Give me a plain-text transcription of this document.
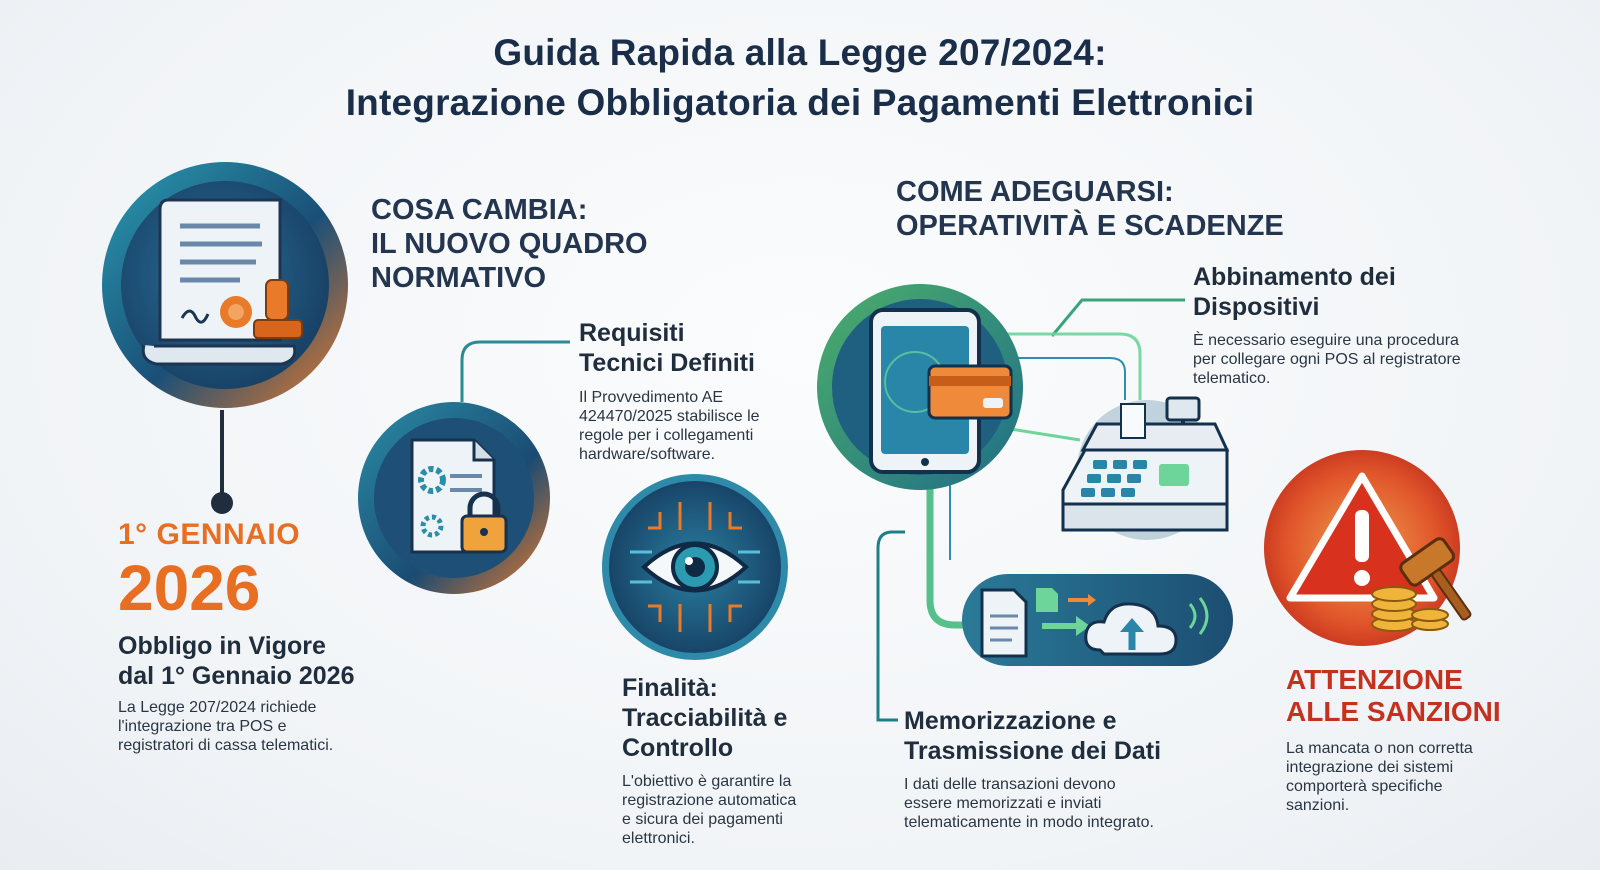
Guida Rapida alla Legge 207/2024:
Integrazione Obbligatoria dei Pagamenti Elettronici
COSA CAMBIA:
IL NUOVO QUADRO
NORMATIVO
1° GENNAIO
2026
Obbligo in Vigore
dal 1° Gennaio 2026
La Legge 207/2024 richiede
l'integrazione tra POS e
registratori di cassa telematici.
Requisiti
Tecnici Definiti
Il Provvedimento AE
424470/2025 stabilisce le
regole per i collegamenti
hardware/software.
Finalità:
Tracciabilità e
Controllo
L'obiettivo è garantire la
registrazione automatica
e sicura dei pagamenti
elettronici.
COME ADEGUARSI:
OPERATIVITÀ E SCADENZE
Abbinamento dei
Dispositivi
È necessario eseguire una procedura
per collegare ogni POS al registratore
telematico.
Memorizzazione e
Trasmissione dei Dati
I dati delle transazioni devono
essere memorizzati e inviati
telematicamente in modo integrato.
ATTENZIONE
ALLE SANZIONI
La mancata o non corretta
integrazione dei sistemi
comporterà specifiche
sanzioni.
